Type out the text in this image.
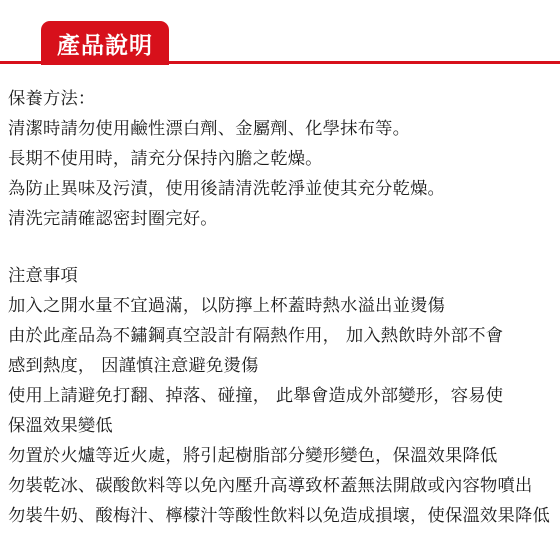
產品說明
保養方法：
清潔時請勿使用鹼性漂白劑、金屬劑、化學抹布等。
長期不使用時，請充分保持內膽之乾燥。
為防止異味及污漬，使用後請清洗乾淨並使其充分乾燥。
清洗完請確認密封圈完好。
注意事項
加入之開水量不宜過滿，以防擰上杯蓋時熱水溢出並燙傷
由於此產品為不鏽鋼真空設計有隔熱作用， 加入熱飲時外部不會
感到熱度， 因謹慎注意避免燙傷
使用上請避免打翻、掉落、碰撞， 此舉會造成外部變形，容易使
保溫效果變低
勿置於火爐等近火處，將引起樹脂部分變形變色，保溫效果降低
勿裝乾冰、碳酸飲料等以免內壓升高導致杯蓋無法開啟或內容物噴出
勿裝牛奶、酸梅汁、檸檬汁等酸性飲料以免造成損壞，使保溫效果降低
